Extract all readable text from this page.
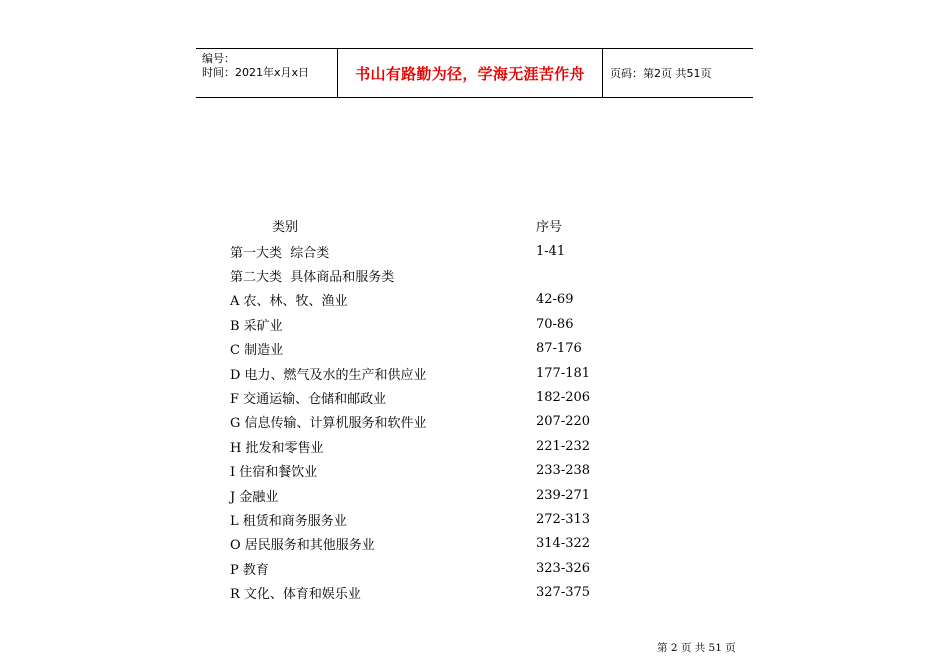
编号：
时间：2021年x月x日	书山有路勤为径，学海无涯苦作舟	页码：第2页 共51页
类别	序号
第一大类  综合类	1-41
第二大类  具体商品和服务类
A 农、林、牧、渔业	42-69
B 采矿业	70-86
C 制造业	87-176
D 电力、燃气及水的生产和供应业	177-181
F 交通运输、仓储和邮政业	182-206
G 信息传输、计算机服务和软件业	207-220
H 批发和零售业	221-232
I 住宿和餐饮业	233-238
J 金融业	239-271
L 租赁和商务服务业	272-313
O 居民服务和其他服务业	314-322
P 教育	323-326
R 文化、体育和娱乐业	327-375
第 2 页 共 51 页
